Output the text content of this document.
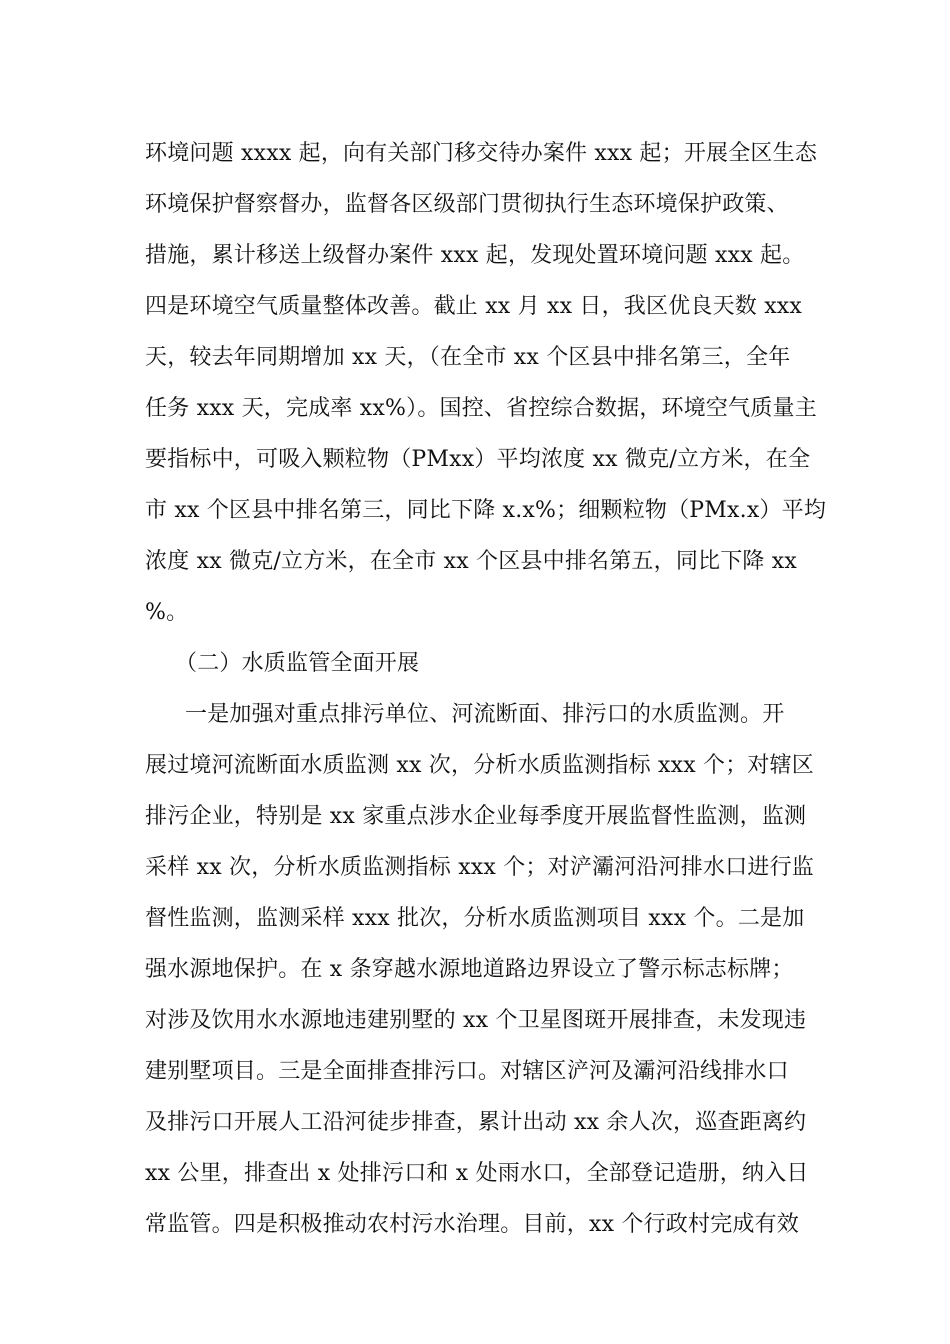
环境问题 xxxx 起，向有关部门移交待办案件 xxx 起；开展全区生态
环境保护督察督办，监督各区级部门贯彻执行生态环境保护政策、
措施，累计移送上级督办案件 xxx 起，发现处置环境问题 xxx 起。
四是环境空气质量整体改善。截止 xx 月 xx 日，我区优良天数 xxx
天，较去年同期增加 xx 天，（在全市 xx 个区县中排名第三，全年
任务 xxx 天，完成率 xx%）。国控、省控综合数据，环境空气质量主
要指标中，可吸入颗粒物（PMxx）平均浓度 xx 微克/立方米，在全
市 xx 个区县中排名第三，同比下降 x.x%；细颗粒物（PMx.x）平均
浓度 xx 微克/立方米，在全市 xx 个区县中排名第五，同比下降 xx
%。
（二）水质监管全面开展
一是加强对重点排污单位、河流断面、排污口的水质监测。开
展过境河流断面水质监测 xx 次，分析水质监测指标 xxx 个；对辖区
排污企业，特别是 xx 家重点涉水企业每季度开展监督性监测，监测
采样 xx 次，分析水质监测指标 xxx 个；对浐灞河沿河排水口进行监
督性监测，监测采样 xxx 批次，分析水质监测项目 xxx 个。二是加
强水源地保护。在 x 条穿越水源地道路边界设立了警示标志标牌；
对涉及饮用水水源地违建别墅的 xx 个卫星图斑开展排查，未发现违
建别墅项目。三是全面排查排污口。对辖区浐河及灞河沿线排水口
及排污口开展人工沿河徒步排查，累计出动 xx 余人次，巡查距离约
xx 公里，排查出 x 处排污口和 x 处雨水口，全部登记造册，纳入日
常监管。四是积极推动农村污水治理。目前，xx 个行政村完成有效
